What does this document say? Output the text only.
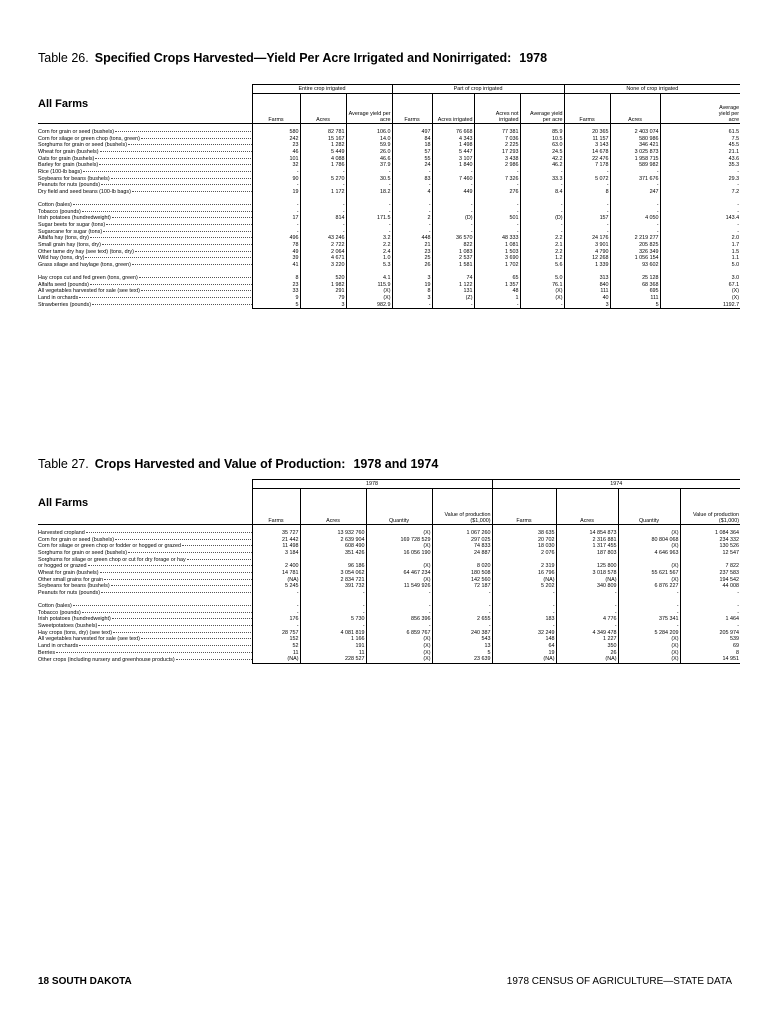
Table 26. Specified Crops Harvested—Yield Per Acre Irrigated and Nonirrigated: 1978
All Farms
	Entire crop irrigated			Part of crop irrigated				None of crop irrigated		
	Farms	Acres	Average yield per acre	Farms	Acres irrigated	Acres not irrigated	Average yield per acre	Farms	Acres	Average yield per acre
Corn for grain or seed (bushels)	580	82 781	106.0	497	76 668	77 381	85.9	20 365	2 403 074	61.5
Corn for silage or green chop (tons, green)	242	15 167	14.0	84	4 343	7 036	10.5	11 157	580 986	7.5
Sorghums for grain or seed (bushels)	23	1 282	59.9	18	1 498	2 225	63.0	3 143	346 421	45.5
Wheat for grain (bushels)	46	5 449	26.0	57	5 447	17 293	24.5	14 678	3 025 873	21.1
Oats for grain (bushels)	101	4 088	46.6	55	3 107	3 438	42.2	22 476	1 958 715	43.6
Barley for grain (bushels)	32	1 786	37.9	24	1 840	2 986	46.2	7 178	589 982	35.3
Rice (100-lb bags)	-	-	-	-	-	-	-	-	-	-
Soybeans for beans (bushels)	90	5 270	30.5	83	7 460	7 326	33.3	5 072	371 676	29.3
Peanuts for nuts (pounds)	-	-	-	-	-	-	-	-	-	-
Dry field and seed beans (100-lb bags)	19	1 172	18.2	4	449	276	8.4	8	247	7.2

Cotton (bales)	-	-	-	-	-	-	-	-	-	-
Tobacco (pounds)	-	-	-	-	-	-	-	-	-	-
Irish potatoes (hundredweight)	17	814	171.5	2	(D)	501	(D)	157	4 050	143.4
Sugar beets for sugar (tons)	-	-	-	-	-	-	-	-	-	-
Sugarcane for sugar (tons)	-	-	-	-	-	-	-	-	-	-
Alfalfa hay (tons, dry)	496	43 246	3.2	448	36 570	48 333	2.2	24 176	2 219 277	2.0
Small grain hay (tons, dry)	78	2 722	2.2	21	822	1 081	2.1	3 901	205 825	1.7
Other tame dry hay (see text) (tons, dry)	49	2 064	2.4	23	1 083	1 503	2.2	4 790	326 349	1.5
Wild hay (tons, dry)	39	4 671	1.0	25	2 537	3 690	1.2	12 268	1 056 154	1.1
Grass silage and haylage (tons, green)	41	3 220	5.3	26	1 581	1 702	5.6	1 339	93 602	5.0

Hay crops cut and fed green (tons, green)	8	520	4.1	3	74	65	5.0	313	25 128	3.0
Alfalfa seed (pounds)	23	1 982	115.9	19	1 122	1 357	76.1	840	68 368	67.1
All vegetables harvested for sale (see text)	33	291	(X)	8	131	48	(X)	111	695	(X)
Land in orchards	9	79	(X)	3	(Z)	1	(X)	40	111	(X)
Strawberries (pounds)	5	3	982.9	-	-	-	-	3	5	1192.7
Table 27. Crops Harvested and Value of Production: 1978 and 1974
All Farms
	1978				1974			
	Farms	Acres	Quantity	Value of production ($1,000)	Farms	Acres	Quantity	Value of production ($1,000)
Harvested cropland	35 727	13 932 760	(X)	1 067 260	38 635	14 854 873	(X)	1 084 364
Corn for grain or seed (bushels)	21 442	2 639 904	169 728 529	297 025	20 702	2 316 881	80 804 068	234 332
Corn for silage or green chop or fodder or hogged or grazed	11 498	608 490	(X)	74 833	18 030	1 317 455	(X)	130 526
Sorghums for grain or seed (bushels)	3 184	351 426	16 056 190	24 887	2 076	187 803	4 646 963	12 547
Sorghums for silage or green chop or cut for dry forage or hay								
or hogged or grazed	2 400	96 186	(X)	8 020	2 319	125 800	(X)	7 822
Wheat for grain (bushels)	14 781	3 054 062	64 467 234	180 508	16 796	3 018 578	55 621 567	237 583
Other small grains for grain	(NA)	2 834 721	(X)	142 560	(NA)	(NA)	(X)	194 542
Soybeans for beans (bushels)	5 245	391 732	11 549 926	72 187	5 202	340 809	6 876 227	44 008
Peanuts for nuts (pounds)	-	-	-	-	-	-	-	-

Cotton (bales)	-	-	-	-	-	-	-	-
Tobacco (pounds)	-	-	-	-	-	-	-	-
Irish potatoes (hundredweight)	176	5 730	856 396	2 655	183	4 776	375 341	1 464
Sweetpotatoes (bushels)	-	-	-	-	-	-	-	-
Hay crops (tons, dry) (see text)	28 757	4 081 819	6 859 767	240 387	32 249	4 349 478	5 284 209	205 974
All vegetables harvested for sale (see text)	152	1 166	(X)	543	148	1 227	(X)	539
Land in orchards	52	191	(X)	13	64	350	(X)	69
Berries	11	11	(X)	5	19	26	(X)	8
Other crops (including nursery and greenhouse products)	(NA)	228 527	(X)	23 639	(NA)	(NA)	(X)	14 951
18 SOUTH DAKOTA	1978 CENSUS OF AGRICULTURE—STATE DATA
